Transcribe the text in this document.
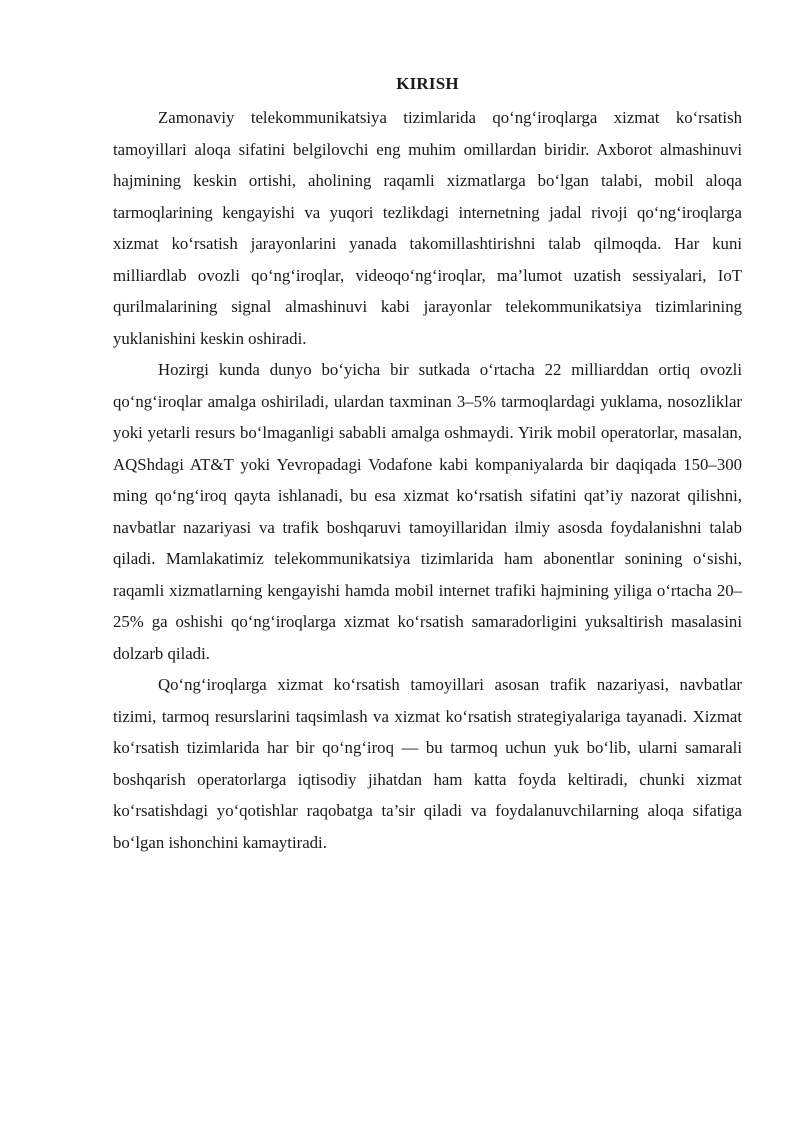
KIRISH

Zamonaviy telekommunikatsiya tizimlarida qo‘ng‘iroqlarga xizmat ko‘rsatish tamoyillari aloqa sifatini belgilovchi eng muhim omillardan biridir. Axborot almashinuvi hajmining keskin ortishi, aholining raqamli xizmatlarga bo‘lgan talabi, mobil aloqa tarmoqlarining kengayishi va yuqori tezlikdagi internetning jadal rivoji qo‘ng‘iroqlarga xizmat ko‘rsatish jarayonlarini yanada takomillashtirishni talab qilmoqda. Har kuni milliardlab ovozli qo‘ng‘iroqlar, videoqo‘ng‘iroqlar, ma’lumot uzatish sessiyalari, IoT qurilmalarining signal almashinuvi kabi jarayonlar telekommunikatsiya tizimlarining yuklanishini keskin oshiradi.

Hozirgi kunda dunyo bo‘yicha bir sutkada o‘rtacha 22 milliarddan ortiq ovozli qo‘ng‘iroqlar amalga oshiriladi, ulardan taxminan 3–5% tarmoqlardagi yuklama, nosozliklar yoki yetarli resurs bo‘lmaganligi sababli amalga oshmaydi. Yirik mobil operatorlar, masalan, AQShdagi AT&T yoki Yevropadagi Vodafone kabi kompaniyalarda bir daqiqada 150–300 ming qo‘ng‘iroq qayta ishlanadi, bu esa xizmat ko‘rsatish sifatini qat’iy nazorat qilishni, navbatlar nazariyasi va trafik boshqaruvi tamoyillaridan ilmiy asosda foydalanishni talab qiladi. Mamlakatimiz telekommunikatsiya tizimlarida ham abonentlar sonining o‘sishi, raqamli xizmatlarning kengayishi hamda mobil internet trafiki hajmining yiliga o‘rtacha 20–25% ga oshishi qo‘ng‘iroqlarga xizmat ko‘rsatish samaradorligini yuksaltirish masalasini dolzarb qiladi.

Qo‘ng‘iroqlarga xizmat ko‘rsatish tamoyillari asosan trafik nazariyasi, navbatlar tizimi, tarmoq resurslarini taqsimlash va xizmat ko‘rsatish strategiyalariga tayanadi. Xizmat ko‘rsatish tizimlarida har bir qo‘ng‘iroq — bu tarmoq uchun yuk bo‘lib, ularni samarali boshqarish operatorlarga iqtisodiy jihatdan ham katta foyda keltiradi, chunki xizmat ko‘rsatishdagi yo‘qotishlar raqobatga ta’sir qiladi va foydalanuvchilarning aloqa sifatiga bo‘lgan ishonchini kamaytiradi.
